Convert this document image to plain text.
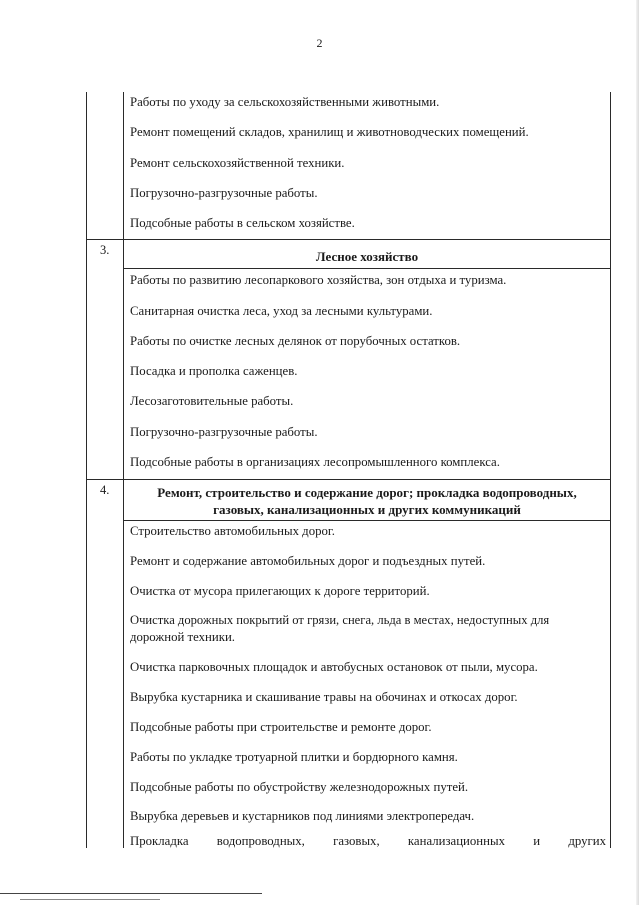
2
Работы по уходу за сельскохозяйственными животными.
Ремонт помещений складов, хранилищ и животноводческих помещений.
Ремонт сельскохозяйственной техники.
Погрузочно-разгрузочные работы.
Подсобные работы в сельском хозяйстве.
3.	Лесное хозяйство
Работы по развитию лесопаркового хозяйства, зон отдыха и туризма.
Санитарная очистка леса, уход за лесными культурами.
Работы по очистке лесных делянок от порубочных остатков.
Посадка и прополка саженцев.
Лесозаготовительные работы.
Погрузочно-разгрузочные работы.
Подсобные работы в организациях лесопромышленного комплекса.
4.	Ремонт, строительство и содержание дорог; прокладка водопроводных,
газовых, канализационных и других коммуникаций
Строительство автомобильных дорог.
Ремонт и содержание автомобильных дорог и подъездных путей.
Очистка от мусора прилегающих к дороге территорий.
Очистка дорожных покрытий от грязи, снега, льда в местах, недоступных для
дорожной техники.
Очистка парковочных площадок и автобусных остановок от пыли, мусора.
Вырубка кустарника и скашивание травы на обочинах и откосах дорог.
Подсобные работы при строительстве и ремонте дорог.
Работы по укладке тротуарной плитки и бордюрного камня.
Подсобные работы по обустройству железнодорожных путей.
Вырубка деревьев и кустарников под линиями электропередач.
Прокладка водопроводных, газовых, канализационных и других
